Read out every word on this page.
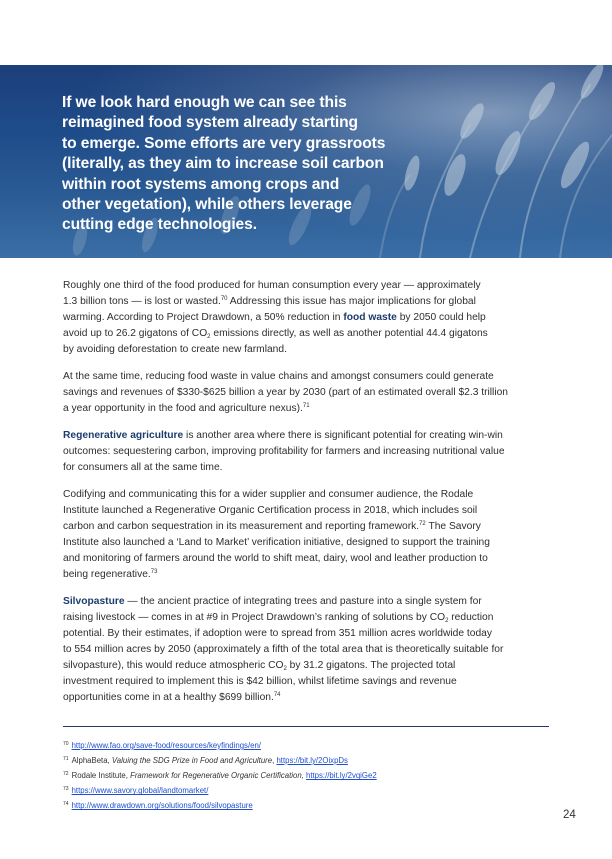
If we look hard enough we can see this
reimagined food system already starting
to emerge. Some efforts are very grassroots
(literally, as they aim to increase soil carbon
within root systems among crops and
other vegetation), while others leverage
cutting edge technologies.

Roughly one third of the food produced for human consumption every year — approximately
1.3 billion tons — is lost or wasted.$^{70}$ Addressing this issue has major implications for global
warming. According to Project Drawdown, a 50% reduction in food waste by 2050 could help
avoid up to 26.2 gigatons of $CO_2$ emissions directly, as well as another potential 44.4 gigatons
by avoiding deforestation to create new farmland.

At the same time, reducing food waste in value chains and amongst consumers could generate
savings and revenues of $330-$625 billion a year by 2030 (part of an estimated overall $2.3 trillion
a year opportunity in the food and agriculture nexus).$^{71}$

Regenerative agriculture is another area where there is significant potential for creating win-win
outcomes: sequestering carbon, improving profitability for farmers and increasing nutritional value
for consumers all at the same time.

Codifying and communicating this for a wider supplier and consumer audience, the Rodale
Institute launched a Regenerative Organic Certification process in 2018, which includes soil
carbon and carbon sequestration in its measurement and reporting framework.$^{72}$ The Savory
Institute also launched a ‘Land to Market’ verification initiative, designed to support the training
and monitoring of farmers around the world to shift meat, dairy, wool and leather production to
being regenerative.$^{73}$

Silvopasture — the ancient practice of integrating trees and pasture into a single system for
raising livestock — comes in at #9 in Project Drawdown’s ranking of solutions by $CO_2$ reduction
potential. By their estimates, if adoption were to spread from 351 million acres worldwide today
to 554 million acres by 2050 (approximately a fifth of the total area that is theoretically suitable for
silvopasture), this would reduce atmospheric $CO_2$ by 31.2 gigatons. The projected total
investment required to implement this is $42 billion, whilst lifetime savings and revenue
opportunities come in at a healthy $699 billion.$^{74}$

$^{70}$ http://www.fao.org/save-food/resources/keyfindings/en/
$^{71}$ AlphaBeta, Valuing the SDG Prize in Food and Agriculture, https://bit.ly/2OixpDs
$^{72}$ Rodale Institute, Framework for Regenerative Organic Certification, https://bit.ly/2vqiGe2
$^{73}$ https://www.savory.global/landtomarket/
$^{74}$ http://www.drawdown.org/solutions/food/silvopasture
24
